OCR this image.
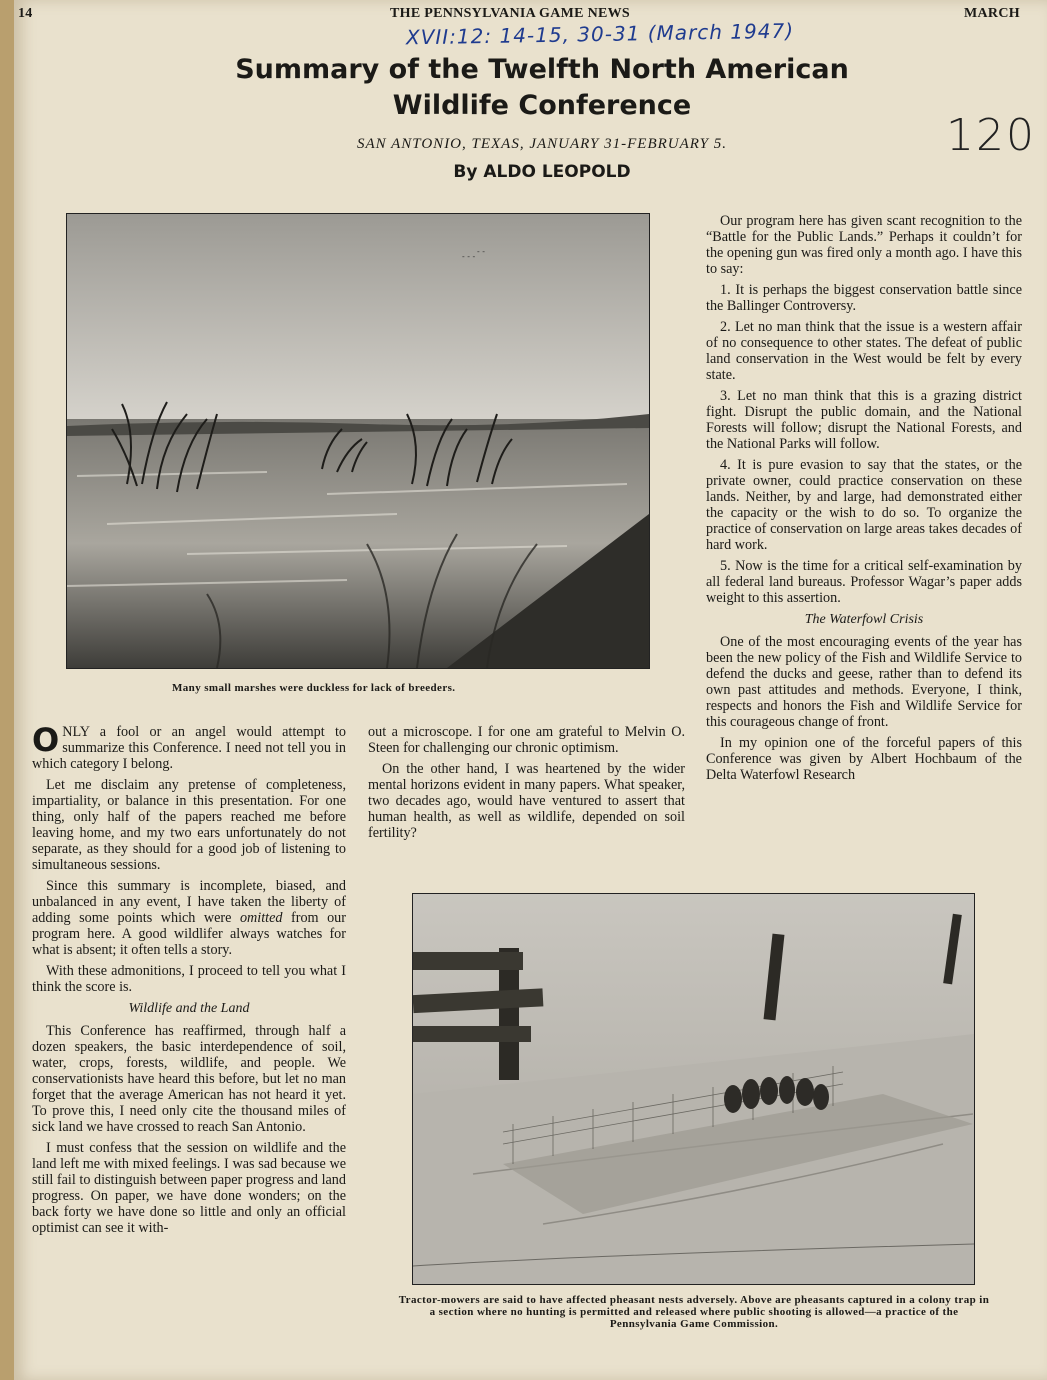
14	THE PENNSYLVANIA GAME NEWS	MARCH
XVII:12: 14-15, 30-31 (March 1947)
120
Summary of the Twelfth North American
Wildlife Conference
SAN ANTONIO, TEXAS, JANUARY 31-FEBRUARY 5.
By ALDO LEOPOLD
- - -
- -
Many small marshes were duckless for lack of breeders.

ONLY a fool or an angel would attempt to summarize this Conference. I need not tell you in which category I belong.

Let me disclaim any pretense of completeness, impartiality, or balance in this presentation. For one thing, only half of the papers reached me before leaving home, and my two ears unfortunately do not separate, as they should for a good job of listening to simultaneous sessions.

Since this summary is incomplete, biased, and unbalanced in any event, I have taken the liberty of adding some points which were omitted from our program here. A good wildlifer always watches for what is absent; it often tells a story.

With these admonitions, I proceed to tell you what I think the score is.

Wildlife and the Land

This Conference has reaffirmed, through half a dozen speakers, the basic interdependence of soil, water, crops, forests, wildlife, and people. We conservationists have heard this before, but let no man forget that the average American has not heard it yet. To prove this, I need only cite the thousand miles of sick land we have crossed to reach San Antonio.

I must confess that the session on wildlife and the land left me with mixed feelings. I was sad because we still fail to distinguish between paper progress and land progress. On paper, we have done wonders; on the back forty we have done so little and only an official optimist can see it with-

out a microscope. I for one am grateful to Melvin O. Steen for challenging our chronic optimism.

On the other hand, I was heartened by the wider mental horizons evident in many papers. What speaker, two decades ago, would have ventured to assert that human health, as well as wildlife, depended on soil fertility?

Our program here has given scant recognition to the “Battle for the Public Lands.” Perhaps it couldn’t for the opening gun was fired only a month ago. I have this to say:

1. It is perhaps the biggest conservation battle since the Ballinger Controversy.

2. Let no man think that the issue is a western affair of no consequence to other states. The defeat of public land conservation in the West would be felt by every state.

3. Let no man think that this is a grazing district fight. Disrupt the public domain, and the National Forests will follow; disrupt the National Forests, and the National Parks will follow.

4. It is pure evasion to say that the states, or the private owner, could practice conservation on these lands. Neither, by and large, had demonstrated either the capacity or the wish to do so. To organize the practice of conservation on large areas takes decades of hard work.

5. Now is the time for a critical self-examination by all federal land bureaus. Professor Wagar’s paper adds weight to this assertion.

The Waterfowl Crisis

One of the most encouraging events of the year has been the new policy of the Fish and Wildlife Service to defend the ducks and geese, rather than to defend its own past attitudes and methods. Everyone, I think, respects and honors the Fish and Wildlife Service for this courageous change of front.

In my opinion one of the forceful papers of this Conference was given by Albert Hochbaum of the Delta Waterfowl Research

Tractor-mowers are said to have affected pheasant nests adversely. Above are pheasants captured in a colony trap in a section where no hunting is permitted and released where public shooting is allowed—a practice of the Pennsylvania Game Commission.
